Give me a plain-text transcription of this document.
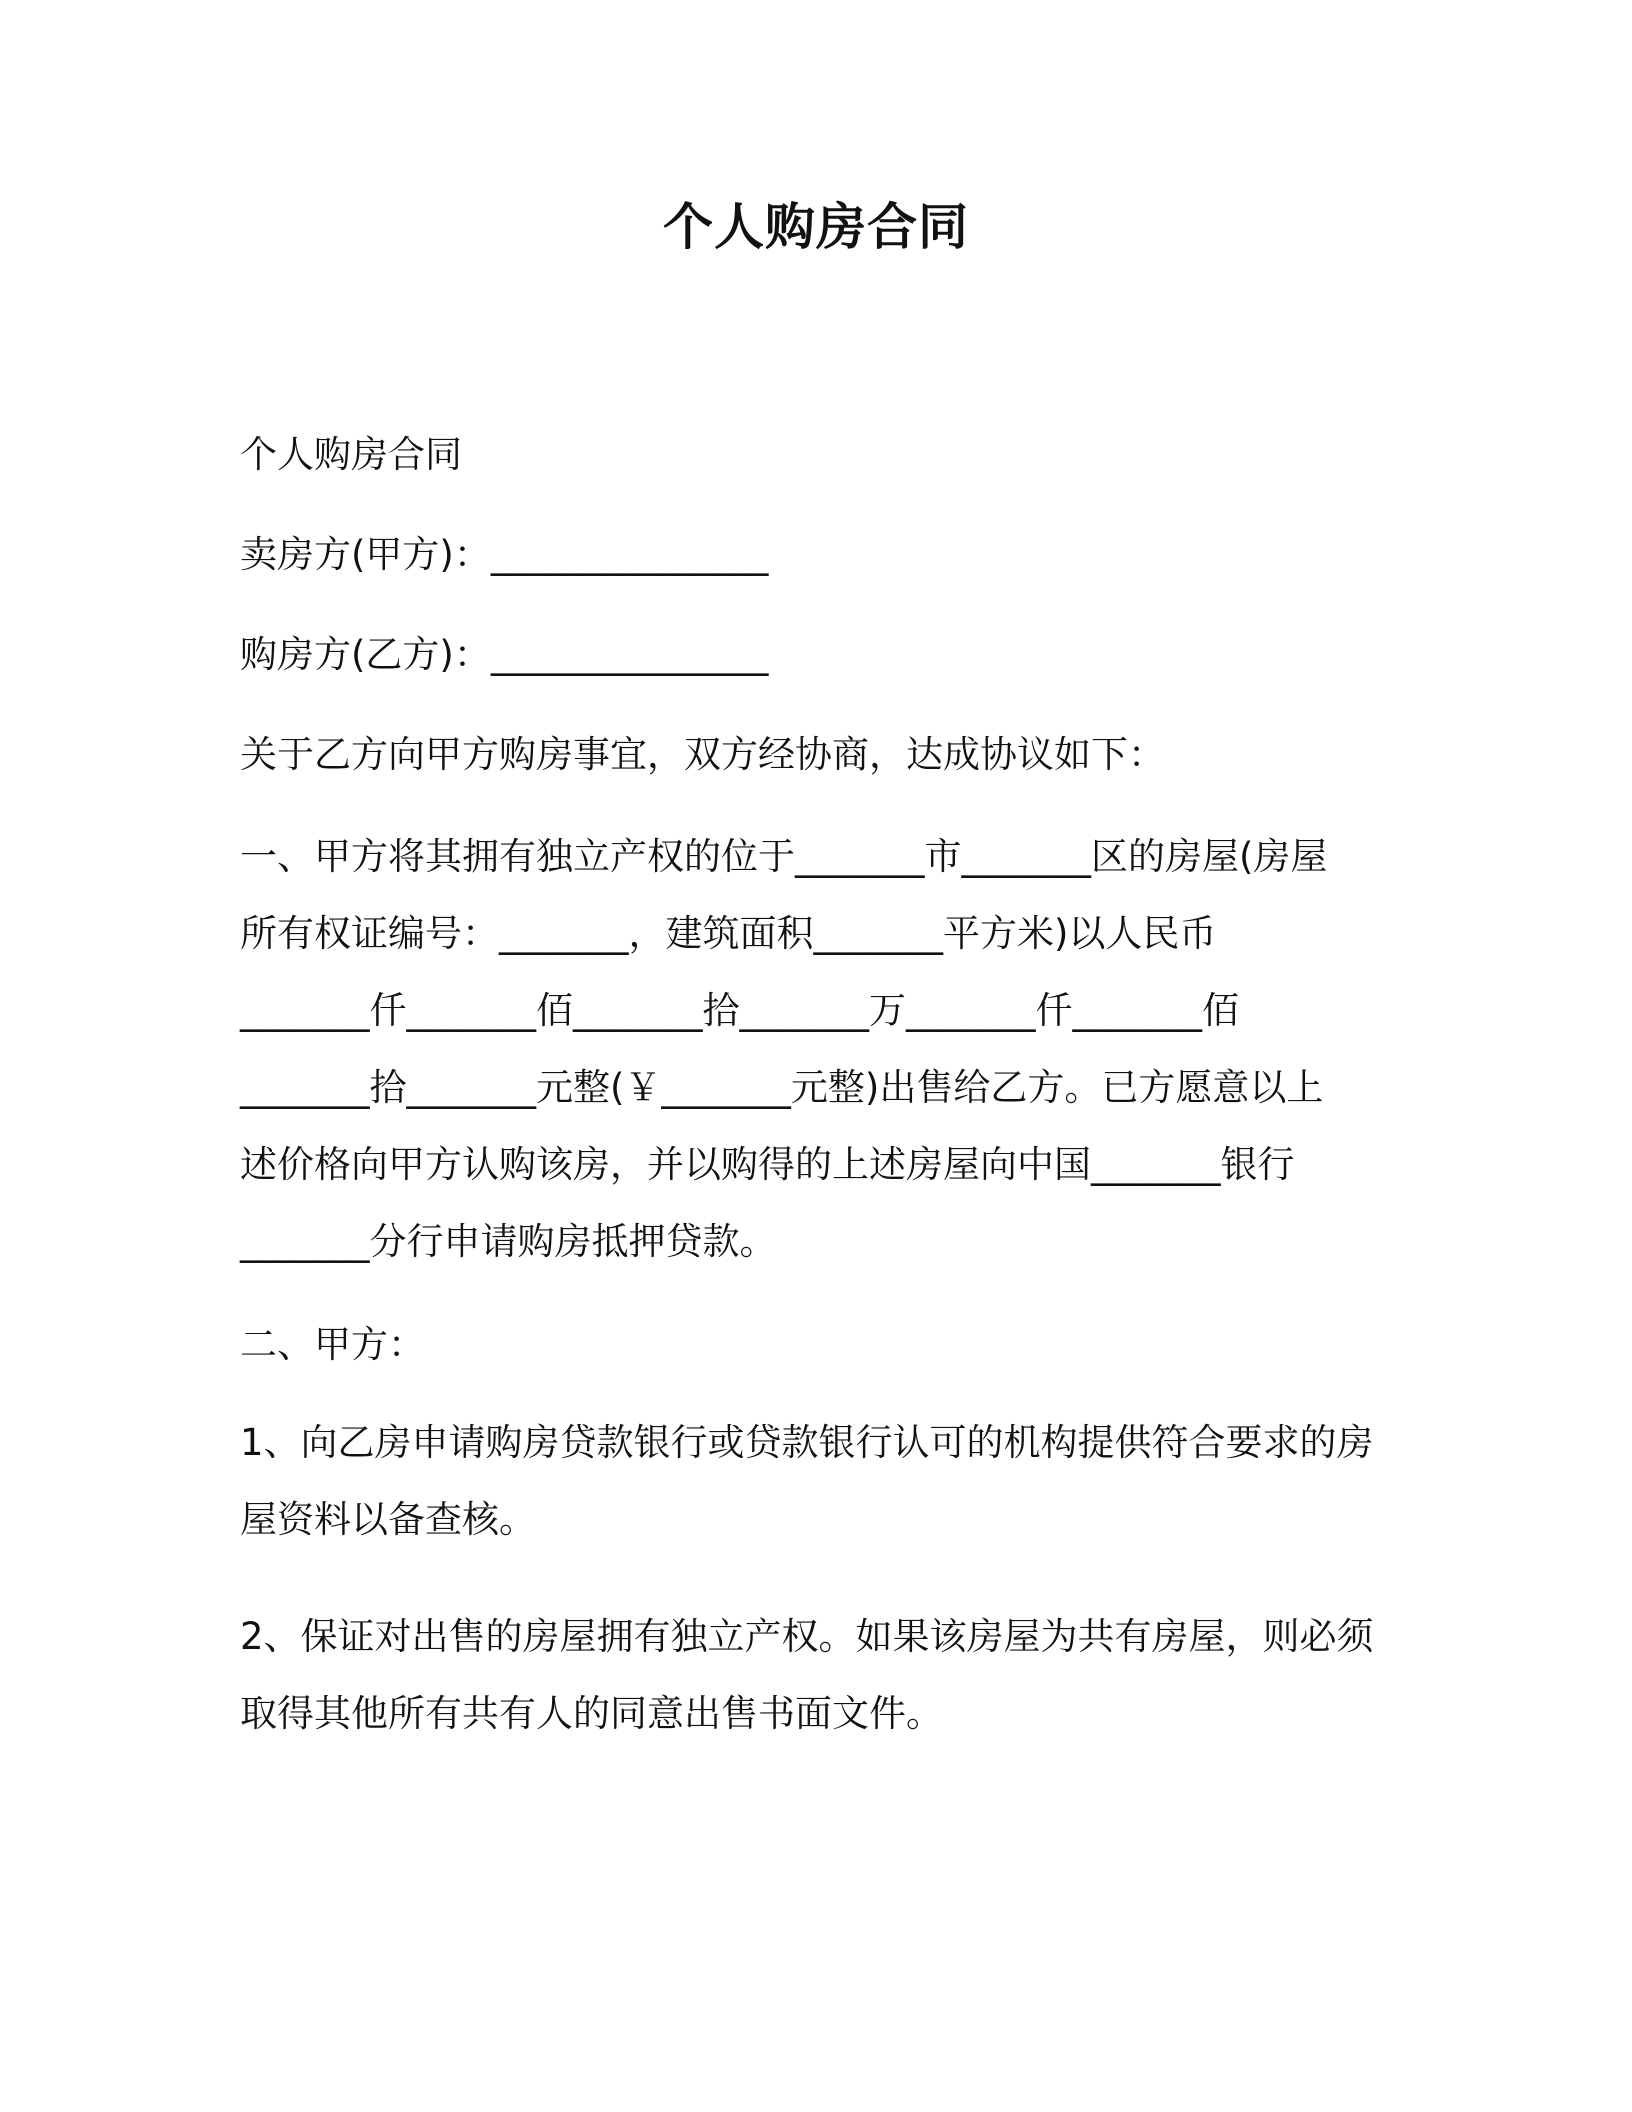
个人购房合同
个人购房合同
卖房方(甲方)：_______________
购房方(乙方)：_______________
关于乙方向甲方购房事宜，双方经协商，达成协议如下：
一、甲方将其拥有独立产权的位于_______市_______区的房屋(房屋
所有权证编号：_______，建筑面积_______平方米)以人民币
_______仟_______佰_______拾_______万_______仟_______佰
_______拾_______元整(￥_______元整)出售给乙方。已方愿意以上
述价格向甲方认购该房，并以购得的上述房屋向中国_______银行
_______分行申请购房抵押贷款。
二、甲方：
1、向乙房申请购房贷款银行或贷款银行认可的机构提供符合要求的房
屋资料以备查核。
2、保证对出售的房屋拥有独立产权。如果该房屋为共有房屋，则必须
取得其他所有共有人的同意出售书面文件。
